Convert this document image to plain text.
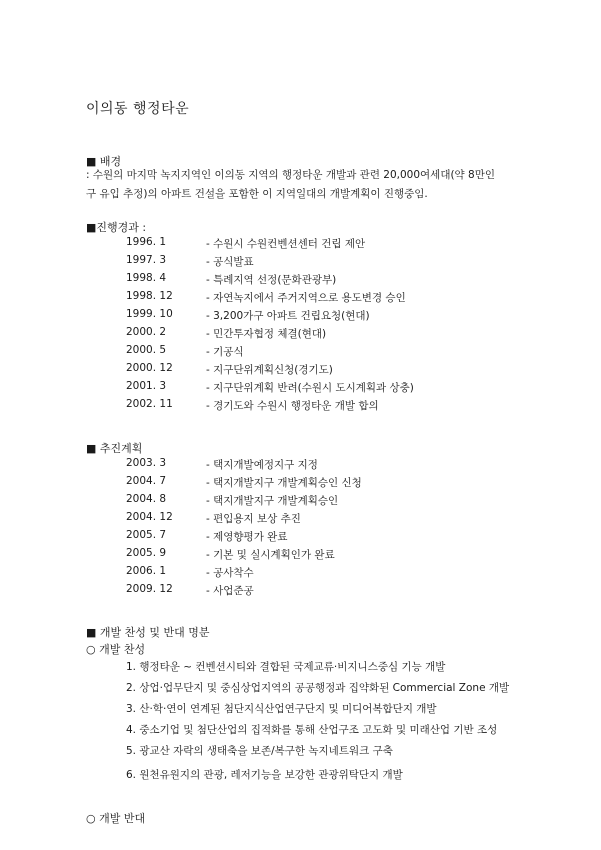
이의동 행정타운
■ 배경
: 수원의 마지막 녹지지역인 이의동 지역의 행정타운 개발과 관련 20,000여세대(약 8만인
구 유입 추정)의 아파트 건설을 포함한 이 지역일대의 개발계획이 진행중임.
■진행경과 :
1996. 1	- 수원시 수원컨벤션센터 건립 제안
1997. 3	- 공식발표
1998. 4	- 특례지역 선정(문화관광부)
1998. 12	- 자연녹지에서 주거지역으로 용도변경 승인
1999. 10	- 3,200가구 아파트 건립요청(현대)
2000. 2	- 민간투자협정 체결(현대)
2000. 5	- 기공식
2000. 12	- 지구단위계획신청(경기도)
2001. 3	- 지구단위계획 반려(수원시 도시계획과 상충)
2002. 11	- 경기도와 수원시 행정타운 개발 합의
■ 추진계획
2003. 3	- 택지개발예정지구 지정
2004. 7	- 택지개발지구 개발계획승인 신청
2004. 8	- 택지개발지구 개발계획승인
2004. 12	- 편입용지 보상 추진
2005. 7	- 제영향평가 완료
2005. 9	- 기본 및 실시계획인가 완료
2006. 1	- 공사착수
2009. 12	- 사업준공
■ 개발 찬성 및 반대 명분
○ 개발 찬성
1. 행정타운 ~ 컨벤션시티와 결합된 국제교류·비지니스중심 기능 개발
2. 상업·업무단지 및 중심상업지역의 공공행정과 집약화된 Commercial Zone 개발
3. 산·학·연이 연계된 첨단지식산업연구단지 및 미디어복합단지 개발
4. 중소기업 및 첨단산업의 집적화를 통해 산업구조 고도화 및 미래산업 기반 조성
5. 광교산 자락의 생태축을 보존/복구한 녹지네트워크 구축
6. 원천유원지의 관광, 레저기능을 보강한 관광위탁단지 개발
○ 개발 반대
